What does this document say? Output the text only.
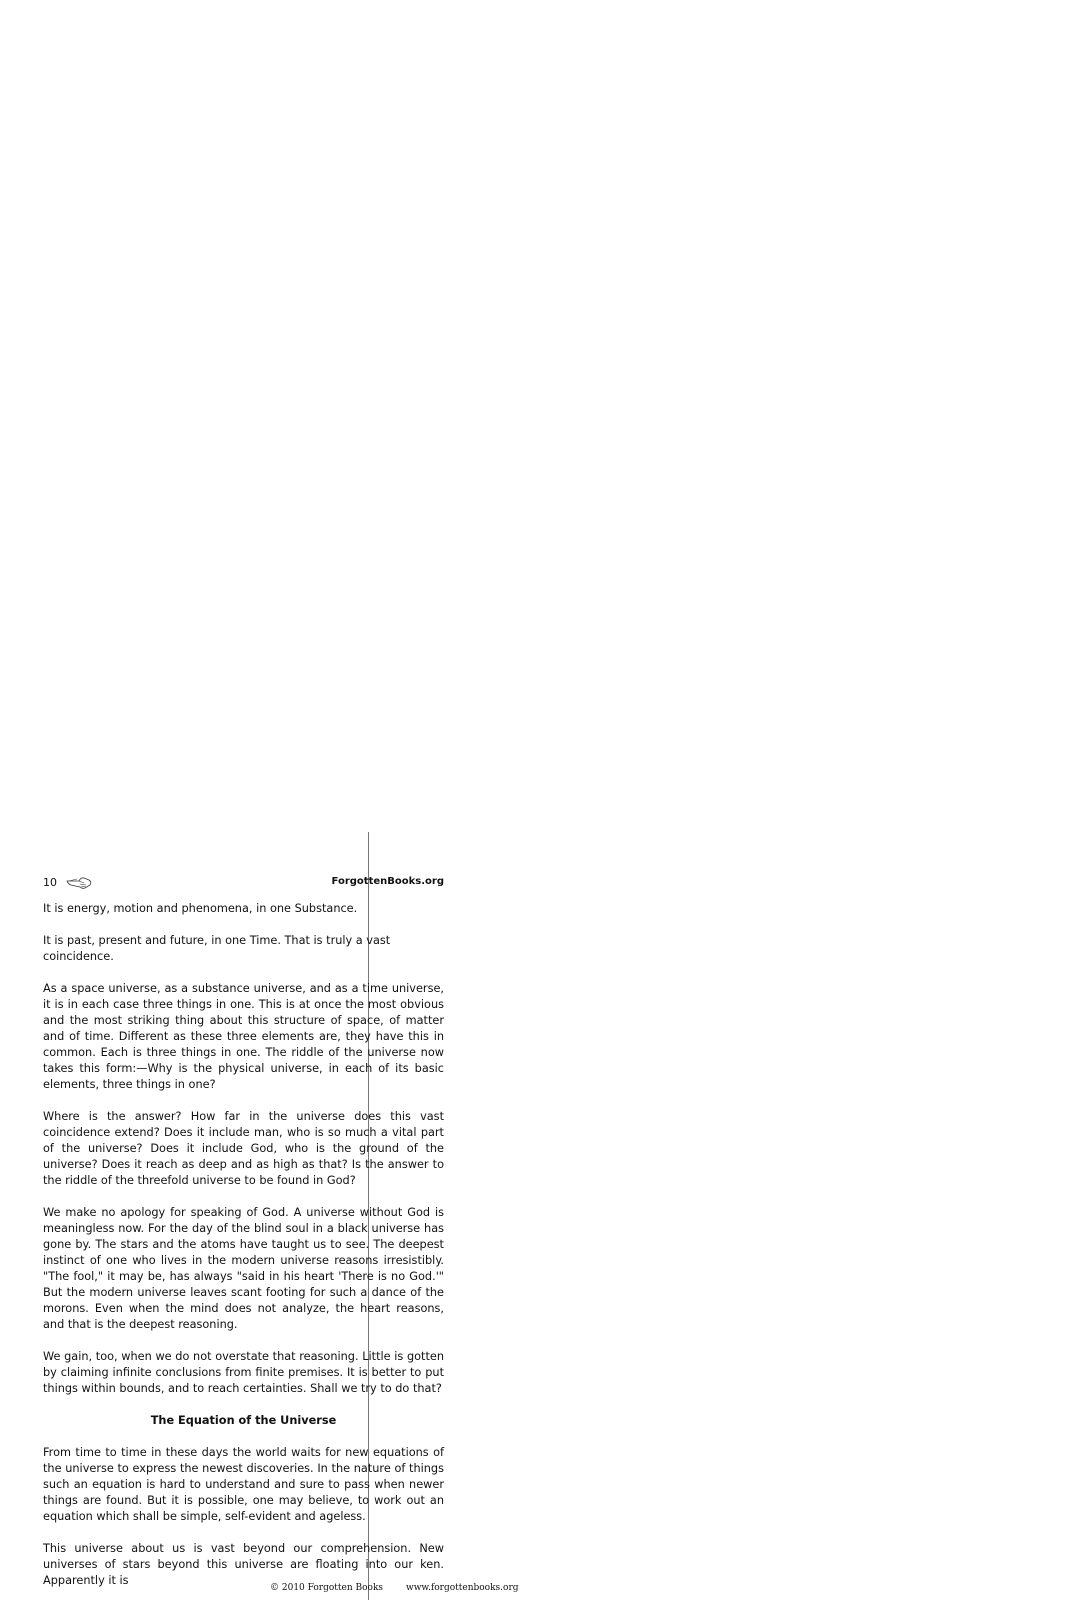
10	ForgottenBooks.org

It is energy, motion and phenomena, in one Substance.

It is past, present and future, in one Time. That is truly a vast coincidence.

As a space universe, as a substance universe, and as a time universe, it is in each case three things in one. This is at once the most obvious and the most striking thing about this structure of space, of matter and of time. Different as these three elements are, they have this in common. Each is three things in one. The riddle of the universe now takes this form:—Why is the physical universe, in each of its basic elements, three things in one?

Where is the answer? How far in the universe does this vast coincidence extend? Does it include man, who is so much a vital part of the universe? Does it include God, who is the ground of the universe? Does it reach as deep and as high as that? Is the answer to the riddle of the threefold universe to be found in God?

We make no apology for speaking of God. A universe without God is meaningless now. For the day of the blind soul in a black universe has gone by. The stars and the atoms have taught us to see. The deepest instinct of one who lives in the modern universe reasons irresistibly. "The fool," it may be, has always "said in his heart 'There is no God.'" But the modern universe leaves scant footing for such a dance of the morons. Even when the mind does not analyze, the heart reasons, and that is the deepest reasoning.

We gain, too, when we do not overstate that reasoning. Little is gotten by claiming infinite conclusions from finite premises. It is better to put things within bounds, and to reach certainties. Shall we try to do that?

The Equation of the Universe

From time to time in these days the world waits for new equations of the universe to express the newest discoveries. In the nature of things such an equation is hard to understand and sure to pass when newer things are found. But it is possible, one may believe, to work out an equation which shall be simple, self-evident and ageless.

This universe about us is vast beyond our comprehension. New universes of stars beyond this universe are floating into our ken. Apparently it is

© 2010 Forgotten Books	www.forgottenbooks.org
